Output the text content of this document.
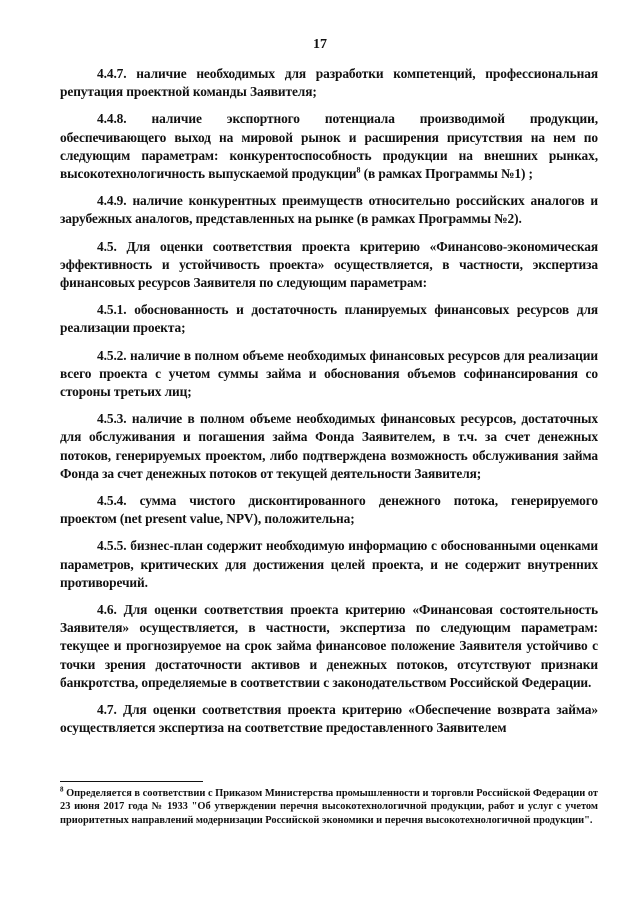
17

4.4.7. наличие необходимых для разработки компетенций, профессиональная репутация проектной команды Заявителя;

4.4.8. наличие экспортного потенциала производимой продукции, обеспечивающего выход на мировой рынок и расширения присутствия на нем по следующим параметрам: конкурентоспособность продукции на внешних рынках, высокотехнологичность выпускаемой продукции$^8$ (в рамках Программы №1) ;

4.4.9. наличие конкурентных преимуществ относительно российских аналогов и зарубежных аналогов, представленных на рынке (в рамках Программы №2).

4.5. Для оценки соответствия проекта критерию «Финансово-экономическая эффективность и устойчивость проекта» осуществляется, в частности, экспертиза финансовых ресурсов Заявителя по следующим параметрам:

4.5.1. обоснованность и достаточность планируемых финансовых ресурсов для реализации проекта;

4.5.2. наличие в полном объеме необходимых финансовых ресурсов для реализации всего проекта с учетом суммы займа и обоснования объемов софинансирования со стороны третьих лиц;

4.5.3. наличие в полном объеме необходимых финансовых ресурсов, достаточных для обслуживания и погашения займа Фонда Заявителем, в т.ч. за счет денежных потоков, генерируемых проектом, либо подтверждена возможность обслуживания займа Фонда за счет денежных потоков от текущей деятельности Заявителя;

4.5.4. сумма чистого дисконтированного денежного потока, генерируемого проектом (net present value, NPV), положительна;

4.5.5. бизнес-план содержит необходимую информацию с обоснованными оценками параметров, критических для достижения целей проекта, и не содержит внутренних противоречий.

4.6. Для оценки соответствия проекта критерию «Финансовая состоятельность Заявителя» осуществляется, в частности, экспертиза по следующим параметрам: текущее и прогнозируемое на срок займа финансовое положение Заявителя устойчиво с точки зрения достаточности активов и денежных потоков, отсутствуют признаки банкротства, определяемые в соответствии с законодательством Российской Федерации.

4.7. Для оценки соответствия проекта критерию «Обеспечение возврата займа» осуществляется экспертиза на соответствие предоставленного Заявителем

$^8$ Определяется в соответствии с Приказом Министерства промышленности и торговли Российской Федерации от 23 июня 2017 года № 1933 "Об утверждении перечня высокотехнологичной продукции, работ и услуг с учетом приоритетных направлений модернизации Российской экономики и перечня высокотехнологичной продукции".
